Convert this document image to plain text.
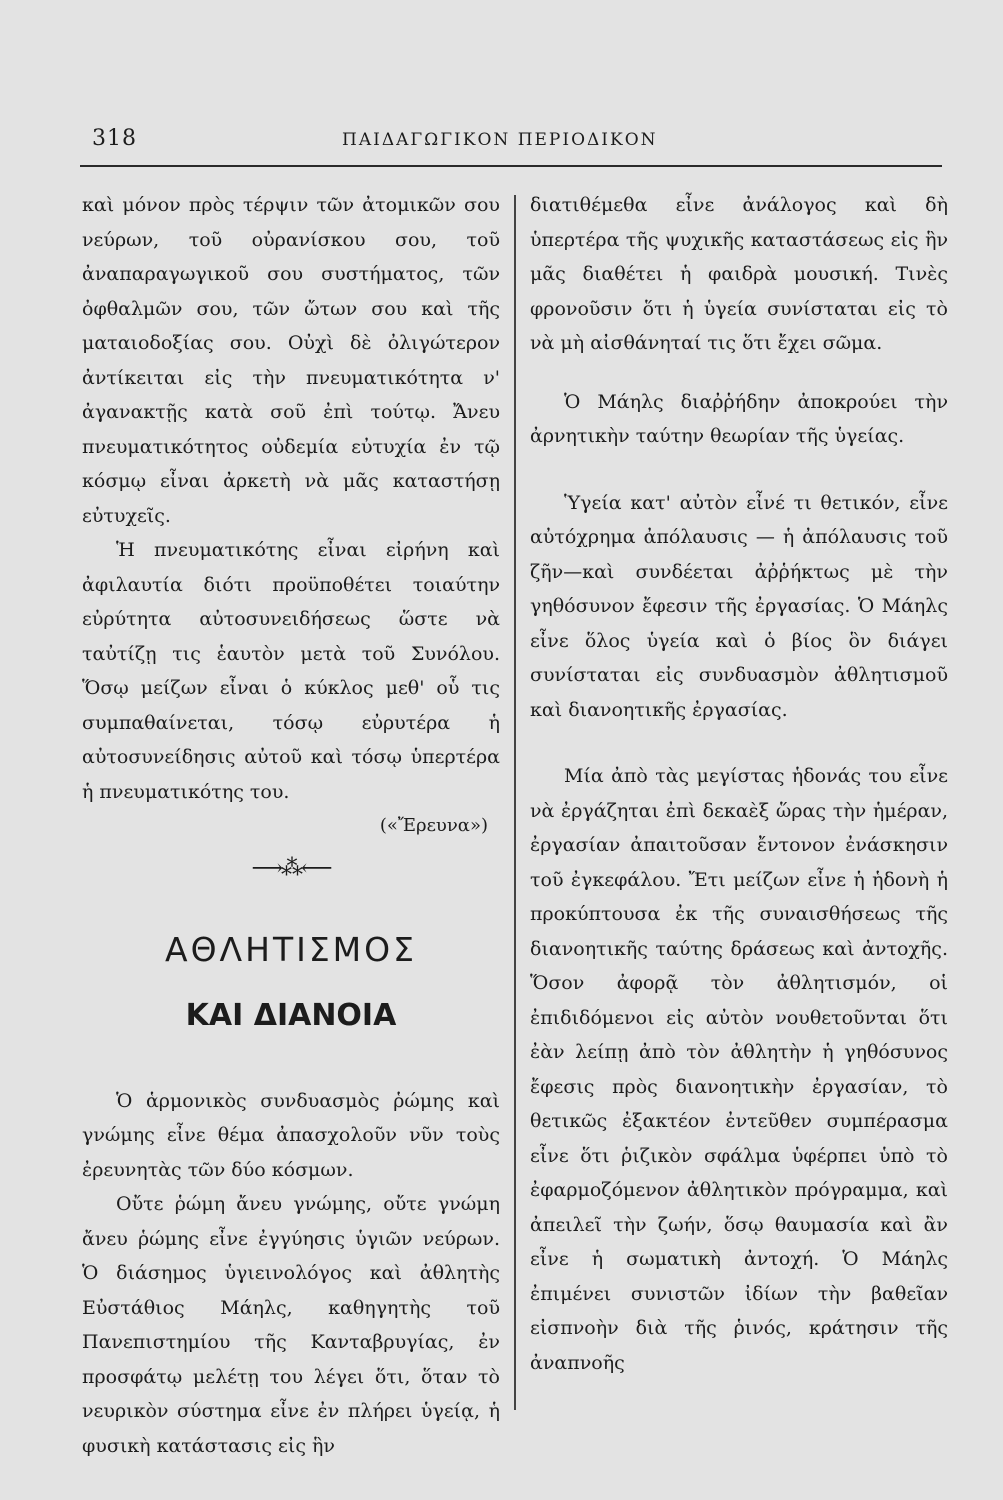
318	ΠΑΙΔΑΓΩΓΙΚΟΝ ΠΕΡΙΟΔΙΚΟΝ

καὶ μόνον πρὸς τέρψιν τῶν ἀτομικῶν σου νεύρων, τοῦ οὐρανίσκου σου, τοῦ ἀναπαραγωγικοῦ σου συστήματος, τῶν ὀφθαλμῶν σου, τῶν ὤτων σου καὶ τῆς ματαιοδοξίας σου. Οὐχὶ δὲ ὀλιγώτερον ἀντίκειται εἰς τὴν πνευματικότητα ν' ἀγανακτῇς κατὰ σοῦ ἐπὶ τούτῳ. Ἄνευ πνευματικότητος οὐδεμία εὐτυχία ἐν τῷ κόσμῳ εἶναι ἀρκετὴ νὰ μᾶς καταστήσῃ εὐτυχεῖς.

Ἡ πνευματικότης εἶναι εἰρήνη καὶ ἀφιλαυτία διότι προϋποθέτει τοιαύτην εὐρύτητα αὐτοσυνειδήσεως ὥστε νὰ ταὐτίζῃ τις ἑαυτὸν μετὰ τοῦ Συνόλου. Ὅσῳ μείζων εἶναι ὁ κύκλος μεθ' οὗ τις συμπαθαίνεται, τόσῳ εὐρυτέρα ἡ αὐτοσυνείδησις αὐτοῦ καὶ τόσῳ ὑπερτέρα ἡ πνευματικότης του.

(«Ἔρευνα»)

⟶⁂⟵

ΑΘΛΗΤΙΣΜΟΣ
ΚΑΙ ΔΙΑΝΟΙΑ

Ὁ ἁρμονικὸς συνδυασμὸς ῥώμης καὶ γνώμης εἶνε θέμα ἀπασχολοῦν νῦν τοὺς ἐρευνητὰς τῶν δύο κόσμων.

Οὔτε ῥώμη ἄνευ γνώμης, οὔτε γνώμη ἄνευ ῥώμης εἶνε ἐγγύησις ὑγιῶν νεύρων. Ὁ διάσημος ὑγιεινολόγος καὶ ἀθλητὴς Εὐστάθιος Μάηλς, καθηγητὴς τοῦ Πανεπιστημίου τῆς Κανταβρυγίας, ἐν προσφάτῳ μελέτῃ του λέγει ὅτι, ὅταν τὸ νευρικὸν σύστημα εἶνε ἐν πλήρει ὑγείᾳ, ἡ φυσικὴ κατάστασις εἰς ἣν

διατιθέμεθα εἶνε ἀνάλογος καὶ δὴ ὑπερτέρα τῆς ψυχικῆς καταστάσεως εἰς ἣν μᾶς διαθέτει ἡ φαιδρὰ μουσική. Τινὲς φρονοῦσιν ὅτι ἡ ὑγεία συνίσταται εἰς τὸ νὰ μὴ αἰσθάνηταί τις ὅτι ἔχει σῶμα.

Ὁ Μάηλς διαῤῥήδην ἀποκρούει τὴν ἀρνητικὴν ταύτην θεωρίαν τῆς ὑγείας.

Ὑγεία κατ' αὐτὸν εἶνέ τι θετικόν, εἶνε αὐτόχρημα ἀπόλαυσις — ἡ ἀπόλαυσις τοῦ ζῆν—καὶ συνδέεται ἀῤῥήκτως μὲ τὴν γηθόσυνον ἔφεσιν τῆς ἐργασίας. Ὁ Μάηλς εἶνε ὅλος ὑγεία καὶ ὁ βίος ὃν διάγει συνίσταται εἰς συνδυασμὸν ἀθλητισμοῦ καὶ διανοητικῆς ἐργασίας.

Μία ἀπὸ τὰς μεγίστας ἡδονάς του εἶνε νὰ ἐργάζηται ἐπὶ δεκαὲξ ὥρας τὴν ἡμέραν, ἐργασίαν ἀπαιτοῦσαν ἔντονον ἐνάσκησιν τοῦ ἐγκεφάλου. Ἔτι μείζων εἶνε ἡ ἡδονὴ ἡ προκύπτουσα ἐκ τῆς συναισθήσεως τῆς διανοητικῆς ταύτης δράσεως καὶ ἀντοχῆς. Ὅσον ἀφορᾷ τὸν ἀθλητισμόν, οἱ ἐπιδιδόμενοι εἰς αὐτὸν νουθετοῦνται ὅτι ἐὰν λείπῃ ἀπὸ τὸν ἀθλητὴν ἡ γηθόσυνος ἔφεσις πρὸς διανοητικὴν ἐργασίαν, τὸ θετικῶς ἐξακτέον ἐντεῦθεν συμπέρασμα εἶνε ὅτι ῥιζικὸν σφάλμα ὑφέρπει ὑπὸ τὸ ἐφαρμοζόμενον ἀθλητικὸν πρόγραμμα, καὶ ἀπειλεῖ τὴν ζωήν, ὅσῳ θαυμασία καὶ ἂν εἶνε ἡ σωματικὴ ἀντοχή. Ὁ Μάηλς ἐπιμένει συνιστῶν ἰδίων τὴν βαθεῖαν εἰσπνοὴν διὰ τῆς ῥινός, κράτησιν τῆς ἀναπνοῆς
